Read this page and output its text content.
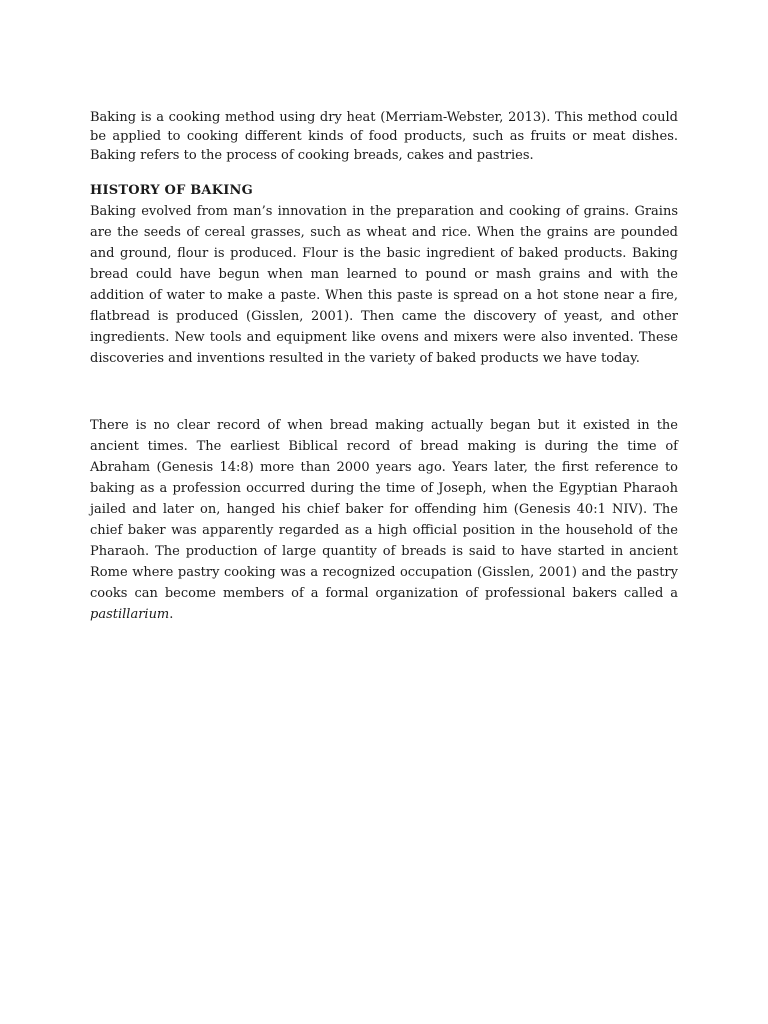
Baking is a cooking method using dry heat (Merriam-Webster, 2013). This method could be applied to cooking different kinds of food products, such as fruits or meat dishes. Baking refers to the process of cooking breads, cakes and pastries.

HISTORY OF BAKING

Baking evolved from man’s innovation in the preparation and cooking of grains. Grains are the seeds of cereal grasses, such as wheat and rice. When the grains are pounded and ground, flour is produced. Flour is the basic ingredient of baked products. Baking bread could have begun when man learned to pound or mash grains and with the addition of water to make a paste. When this paste is spread on a hot stone near a fire, flatbread is produced (Gisslen, 2001). Then came the discovery of yeast, and other ingredients. New tools and equipment like ovens and mixers were also invented. These discoveries and inventions resulted in the variety of baked products we have today.

There is no clear record of when bread making actually began but it existed in the ancient times. The earliest Biblical record of bread making is during the time of Abraham (Genesis 14:8) more than 2000 years ago. Years later, the first reference to baking as a profession occurred during the time of Joseph, when the Egyptian Pharaoh jailed and later on, hanged his chief baker for offending him (Genesis 40:1 NIV). The chief baker was apparently regarded as a high official position in the household of the Pharaoh. The production of large quantity of breads is said to have started in ancient Rome where pastry cooking was a recognized occupation (Gisslen, 2001) and the pastry cooks can become members of a formal organization of professional bakers called a pastillarium.
